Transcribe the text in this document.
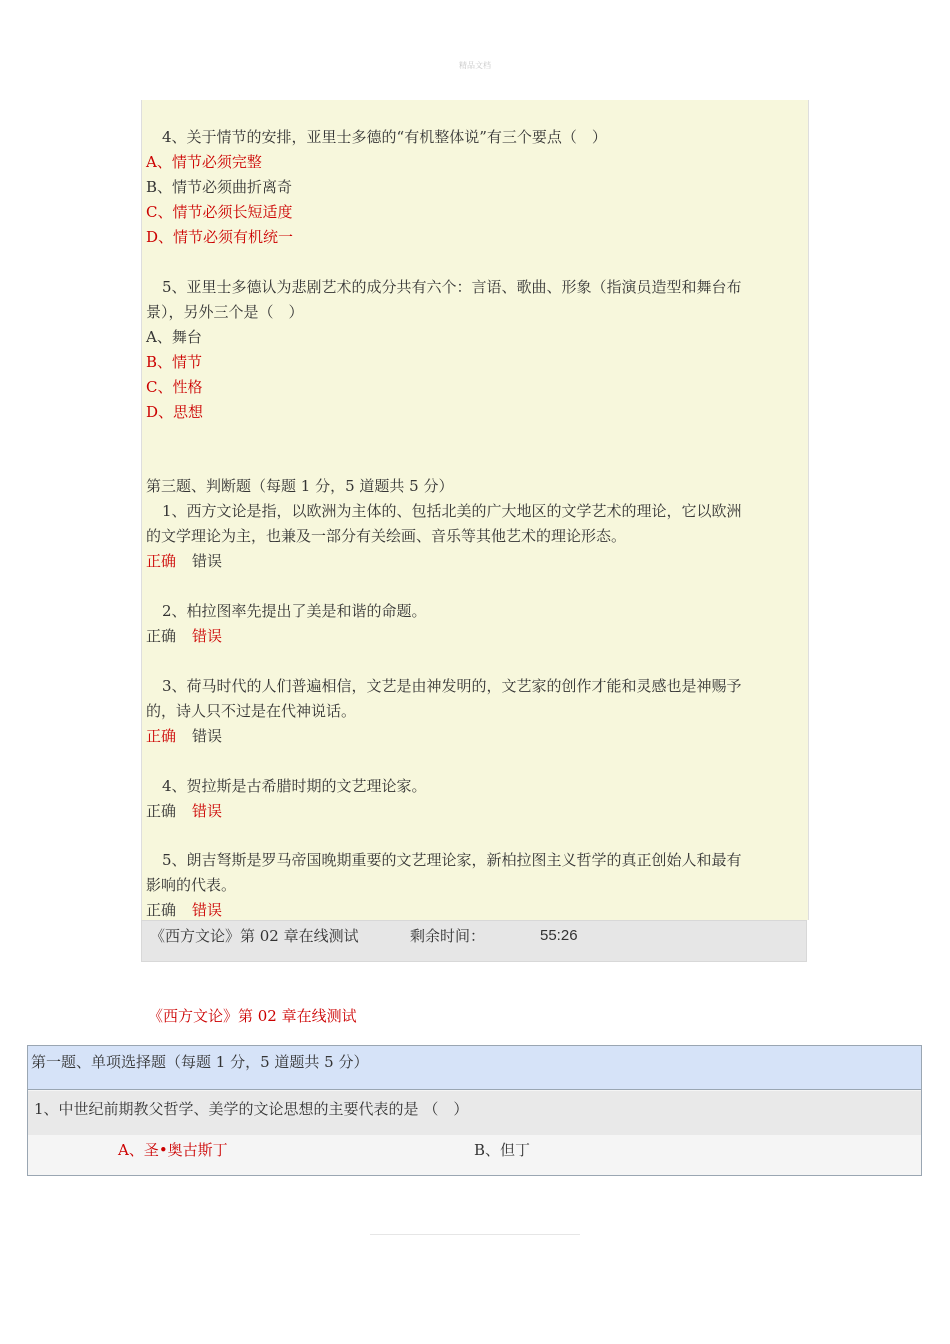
精品文档
4、关于情节的安排，亚里士多德的“有机整体说”有三个要点（　）
A、情节必须完整
B、情节必须曲折离奇
C、情节必须长短适度
D、情节必须有机统一
5、亚里士多德认为悲剧艺术的成分共有六个：言语、歌曲、形象（指演员造型和舞台布
景），另外三个是（　）
A、舞台
B、情节
C、性格
D、思想
第三题、判断题（每题 1 分，5 道题共 5 分）
1、西方文论是指，以欧洲为主体的、包括北美的广大地区的文学艺术的理论，它以欧洲
的文学理论为主，也兼及一部分有关绘画、音乐等其他艺术的理论形态。
正确 错误
2、柏拉图率先提出了美是和谐的命题。
正确 错误
3、荷马时代的人们普遍相信，文艺是由神发明的，文艺家的创作才能和灵感也是神赐予
的，诗人只不过是在代神说话。
正确 错误
4、贺拉斯是古希腊时期的文艺理论家。
正确 错误
5、朗吉弩斯是罗马帝国晚期重要的文艺理论家，新柏拉图主义哲学的真正创始人和最有
影响的代表。
正确 错误
《西方文论》第 02 章在线测试	剩余时间：	55:26
《西方文论》第 02 章在线测试
第一题、单项选择题（每题 1 分，5 道题共 5 分）
1、中世纪前期教父哲学、美学的文论思想的主要代表的是 （　）
A、圣•奥古斯丁	B、但丁
